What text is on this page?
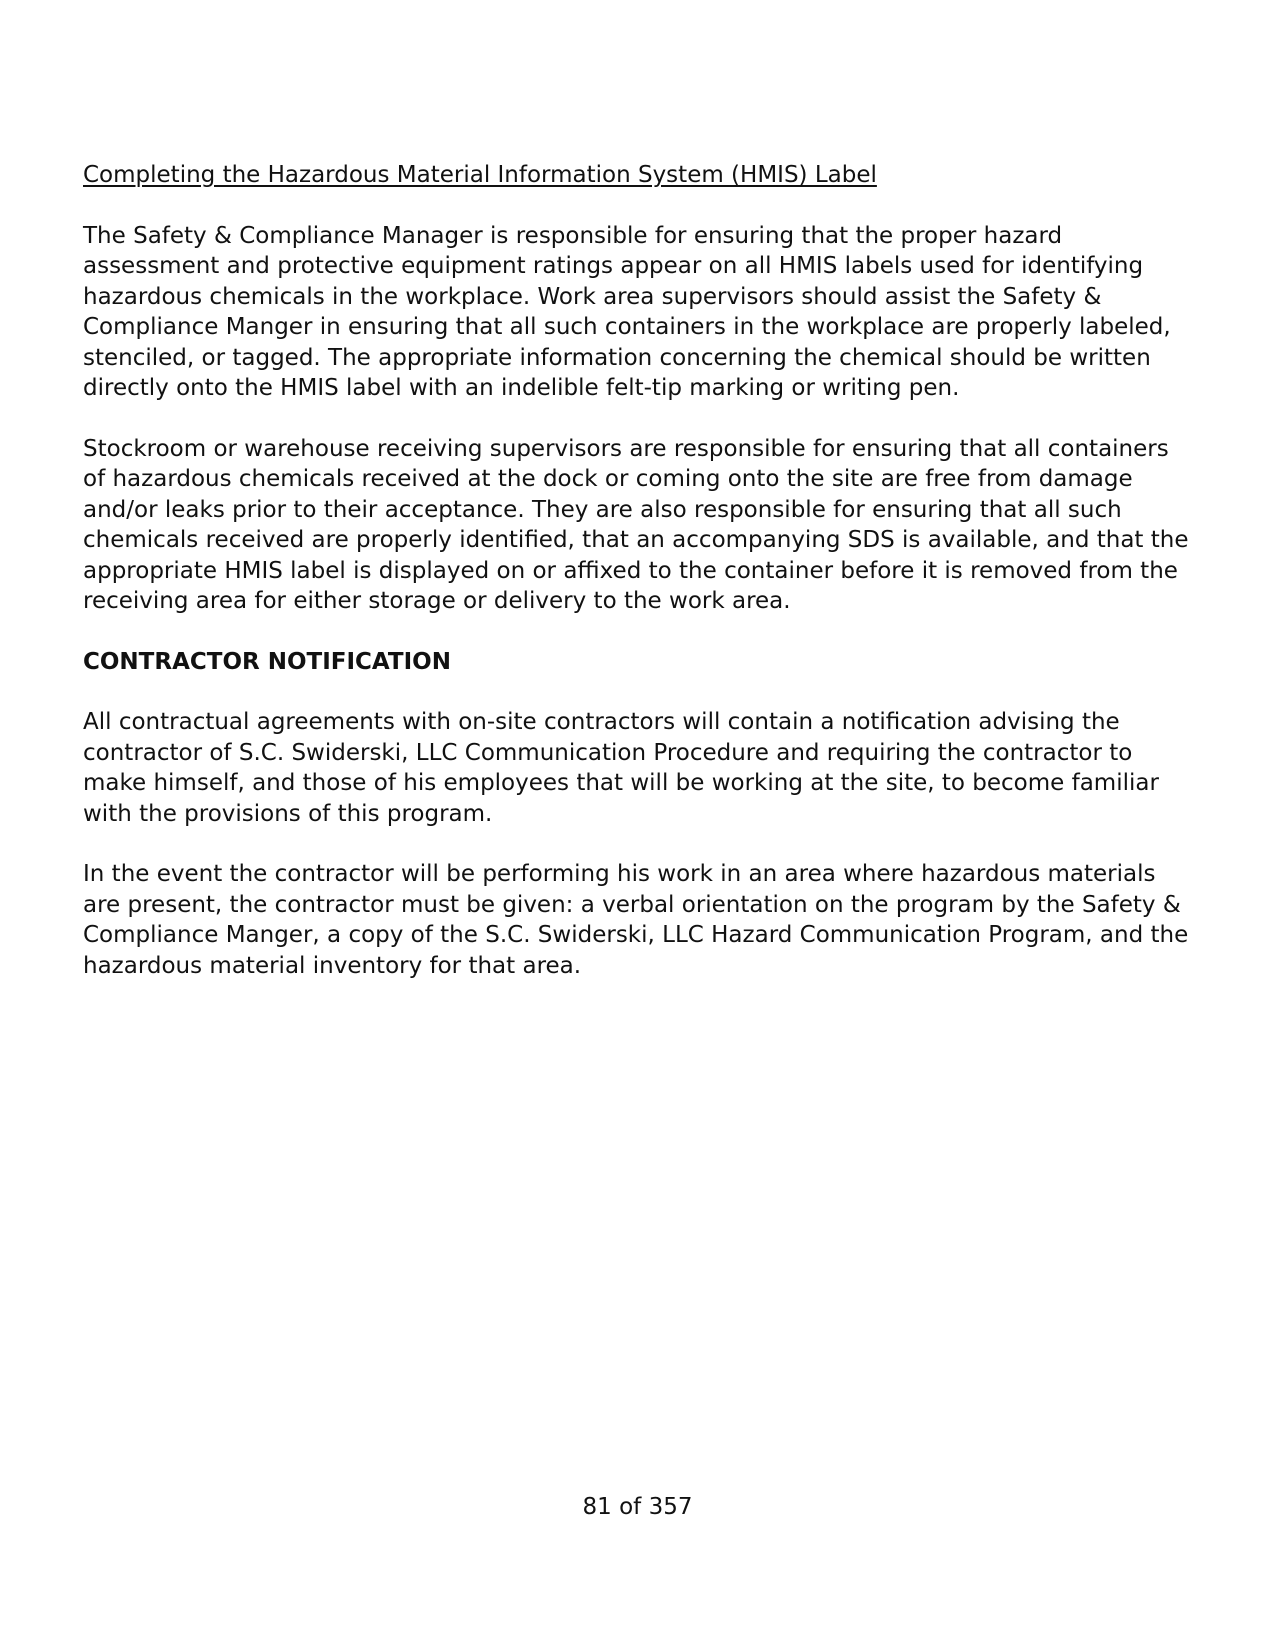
Completing the Hazardous Material Information System (HMIS) Label

The Safety & Compliance Manager is responsible for ensuring that the proper hazard assessment and protective equipment ratings appear on all HMIS labels used for identifying hazardous chemicals in the workplace. Work area supervisors should assist the Safety & Compliance Manger in ensuring that all such containers in the workplace are properly labeled, stenciled, or tagged. The appropriate information concerning the chemical should be written directly onto the HMIS label with an indelible felt-tip marking or writing pen.

Stockroom or warehouse receiving supervisors are responsible for ensuring that all containers of hazardous chemicals received at the dock or coming onto the site are free from damage and/or leaks prior to their acceptance. They are also responsible for ensuring that all such chemicals received are properly identified, that an accompanying SDS is available, and that the appropriate HMIS label is displayed on or affixed to the container before it is removed from the receiving area for either storage or delivery to the work area.

CONTRACTOR NOTIFICATION

All contractual agreements with on-site contractors will contain a notification advising the contractor of S.C. Swiderski, LLC Communication Procedure and requiring the contractor to make himself, and those of his employees that will be working at the site, to become familiar with the provisions of this program.

In the event the contractor will be performing his work in an area where hazardous materials are present, the contractor must be given: a verbal orientation on the program by the Safety & Compliance Manger, a copy of the S.C. Swiderski, LLC Hazard Communication Program, and the hazardous material inventory for that area.

81 of 357
